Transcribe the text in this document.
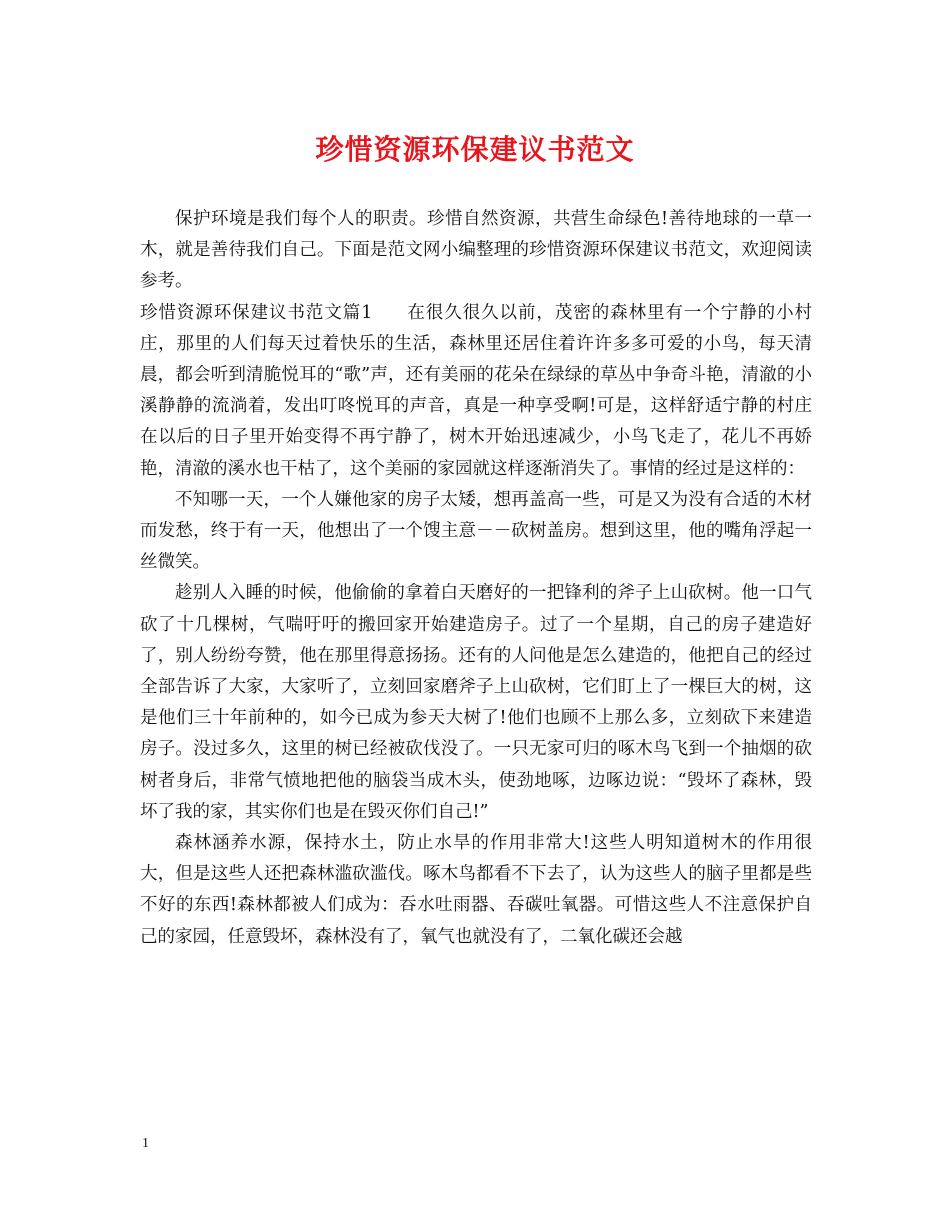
珍惜资源环保建议书范文

保护环境是我们每个人的职责。珍惜自然资源，共营生命绿色!善待地球的一草一木，就是善待我们自己。下面是范文网小编整理的珍惜资源环保建议书范文，欢迎阅读参考。

珍惜资源环保建议书范文篇1 在很久很久以前，茂密的森林里有一个宁静的小村庄，那里的人们每天过着快乐的生活，森林里还居住着许许多多可爱的小鸟，每天清晨，都会听到清脆悦耳的“歌”声，还有美丽的花朵在绿绿的草丛中争奇斗艳，清澈的小溪静静的流淌着，发出叮咚悦耳的声音，真是一种享受啊!可是，这样舒适宁静的村庄在以后的日子里开始变得不再宁静了，树木开始迅速减少，小鸟飞走了，花儿不再娇艳，清澈的溪水也干枯了，这个美丽的家园就这样逐渐消失了。事情的经过是这样的：

不知哪一天，一个人嫌他家的房子太矮，想再盖高一些，可是又为没有合适的木材而发愁，终于有一天，他想出了一个馊主意－－砍树盖房。想到这里，他的嘴角浮起一丝微笑。

趁别人入睡的时候，他偷偷的拿着白天磨好的一把锋利的斧子上山砍树。他一口气砍了十几棵树，气喘吁吁的搬回家开始建造房子。过了一个星期，自己的房子建造好了，别人纷纷夸赞，他在那里得意扬扬。还有的人问他是怎么建造的，他把自己的经过全部告诉了大家，大家听了，立刻回家磨斧子上山砍树，它们盯上了一棵巨大的树，这是他们三十年前种的，如今已成为参天大树了!他们也顾不上那么多，立刻砍下来建造房子。没过多久，这里的树已经被砍伐没了。一只无家可归的啄木鸟飞到一个抽烟的砍树者身后，非常气愤地把他的脑袋当成木头，使劲地啄，边啄边说：“毁坏了森林，毁坏了我的家，其实你们也是在毁灭你们自己!”

森林涵养水源，保持水土，防止水旱的作用非常大!这些人明知道树木的作用很大，但是这些人还把森林滥砍滥伐。啄木鸟都看不下去了，认为这些人的脑子里都是些不好的东西!森林都被人们成为：吞水吐雨器、吞碳吐氧器。可惜这些人不注意保护自己的家园，任意毁坏，森林没有了，氧气也就没有了，二氧化碳还会越

1
